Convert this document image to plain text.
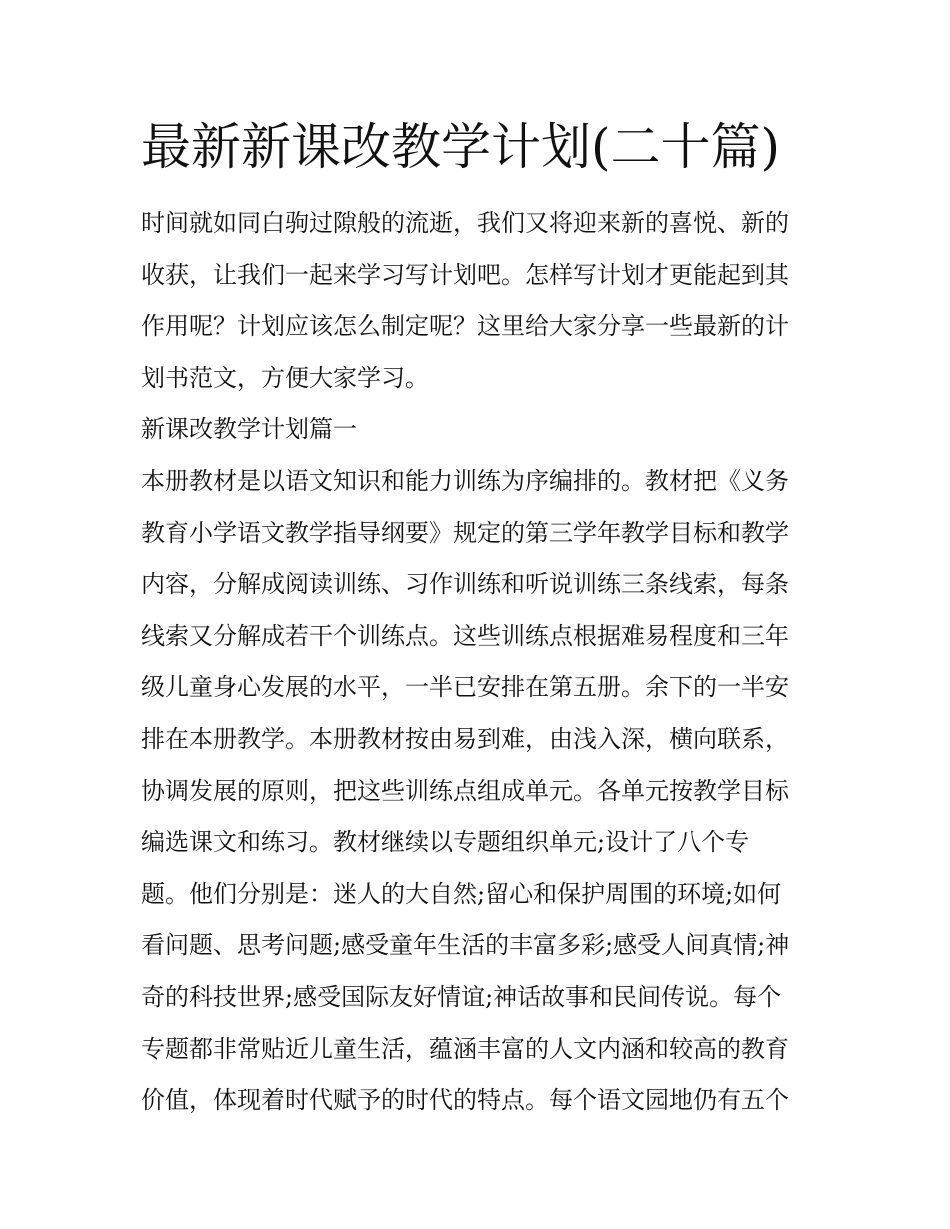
最新新课改教学计划(二十篇)
时间就如同白驹过隙般的流逝，我们又将迎来新的喜悦、新的
收获，让我们一起来学习写计划吧。怎样写计划才更能起到其
作用呢？计划应该怎么制定呢？这里给大家分享一些最新的计
划书范文，方便大家学习。
新课改教学计划篇一
本册教材是以语文知识和能力训练为序编排的。教材把《义务
教育小学语文教学指导纲要》规定的第三学年教学目标和教学
内容，分解成阅读训练、习作训练和听说训练三条线索，每条
线索又分解成若干个训练点。这些训练点根据难易程度和三年
级儿童身心发展的水平，一半已安排在第五册。余下的一半安
排在本册教学。本册教材按由易到难，由浅入深，横向联系，
协调发展的原则，把这些训练点组成单元。各单元按教学目标
编选课文和练习。教材继续以专题组织单元;设计了八个专
题。他们分别是：迷人的大自然;留心和保护周围的环境;如何
看问题、思考问题;感受童年生活的丰富多彩;感受人间真情;神
奇的科技世界;感受国际友好情谊;神话故事和民间传说。每个
专题都非常贴近儿童生活，蕴涵丰富的人文内涵和较高的教育
价值，体现着时代赋予的时代的特点。每个语文园地仍有五个
